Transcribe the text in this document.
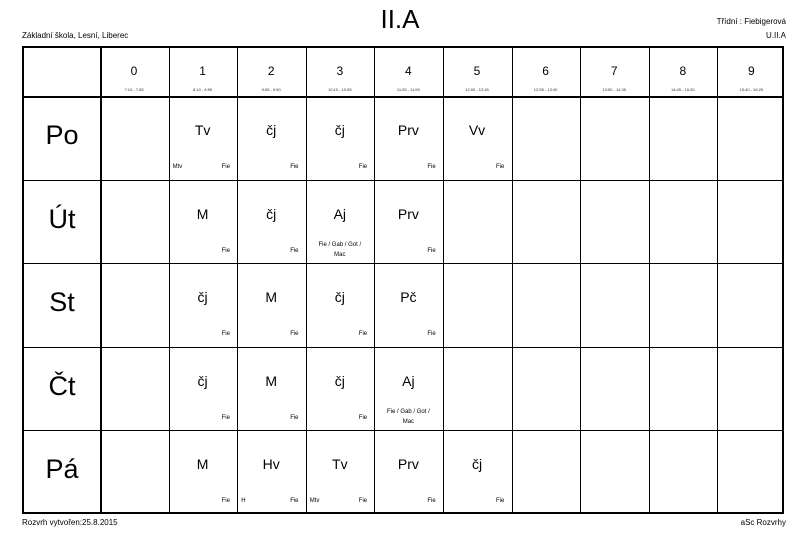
II.A
Základní škola, Lesní, Liberec
Třídní : Fiebigerová
U.II.A
0
7:10 - 7:55
1
8:10 - 8:55
2
9:05 - 9:50
3
10:10 - 10:55
4
11:05 - 11:50
5
12:00 - 12:45
6
12:55 - 13:40
7
13:50 - 14:35
8
14:45 - 15:30
9
15:40 - 16:25
Po
Út
St
Čt
Pá
Tv
Fie
Mtv
čj
Fie
čj
Fie
Prv
Fie
Vv
Fie
M
Fie
čj
Fie
Aj
Fie / Gab / Got /
Mac
Prv
Fie
čj
Fie
M
Fie
čj
Fie
Pč
Fie
čj
Fie
M
Fie
čj
Fie
Aj
Fie / Gab / Got /
Mac
M
Fie
Hv
Fie
H
Tv
Fie
Mtv
Prv
Fie
čj
Fie
Rozvrh vytvořen:25.8.2015	aSc Rozvrhy
